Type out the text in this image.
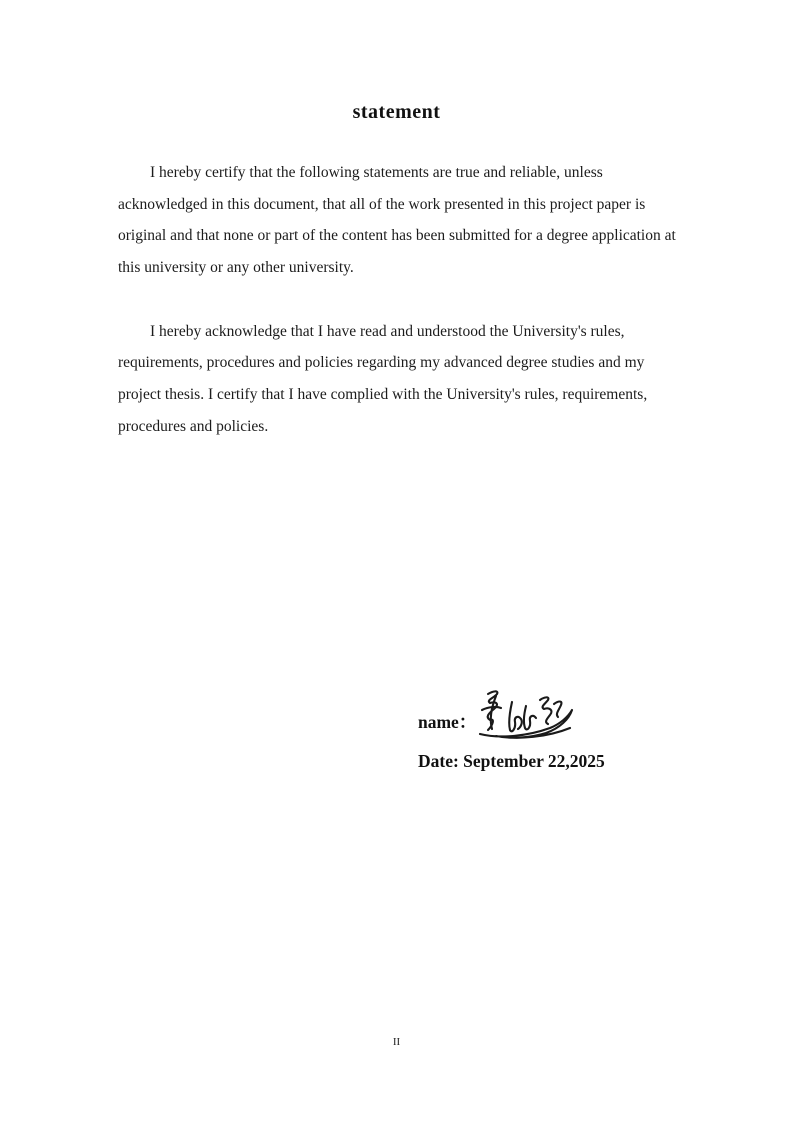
statement

I hereby certify that the following statements are true and reliable, unless acknowledged in this document, that all of the work presented in this project paper is original and that none or part of the content has been submitted for a degree application at this university or any other university.

I hereby acknowledge that I have read and understood the University's rules, requirements, procedures and policies regarding my advanced degree studies and my project thesis. I certify that I have complied with the University's rules, requirements, procedures and policies.

name：
Date: September 22,2025
II
